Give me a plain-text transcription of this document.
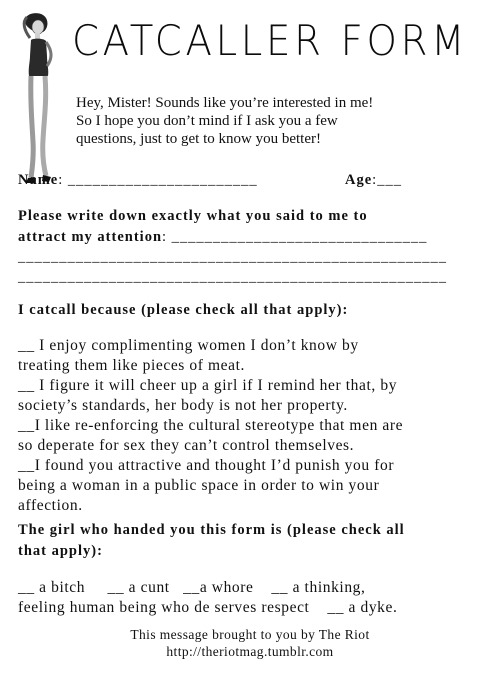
CATCALLER FORM
Hey, Mister! Sounds like you’re interested in me!
So I hope you don’t mind if I ask you a few
questions, just to get to know you better!
Name: _______________________	Age:___
Please write down exactly what you said to me to
attract my attention: _______________________________
____________________________________________________
____________________________________________________
I catcall because (please check all that apply):
__ I enjoy complimenting women I don’t know by
treating them like pieces of meat.
__ I figure it will cheer up a girl if I remind her that, by
society’s standards, her body is not her property.
__I like re-enforcing the cultural stereotype that men are
so deperate for sex they can’t control themselves.
__I found you attractive and thought I’d punish you for
being a woman in a public space in order to win your
affection.
The girl who handed you this form is (please check all
that apply):
__ a bitch     __ a cunt   __a whore    __ a thinking,
feeling human being who de serves respect    __ a dyke.
This message brought to you by The Riot
http://theriotmag.tumblr.com
